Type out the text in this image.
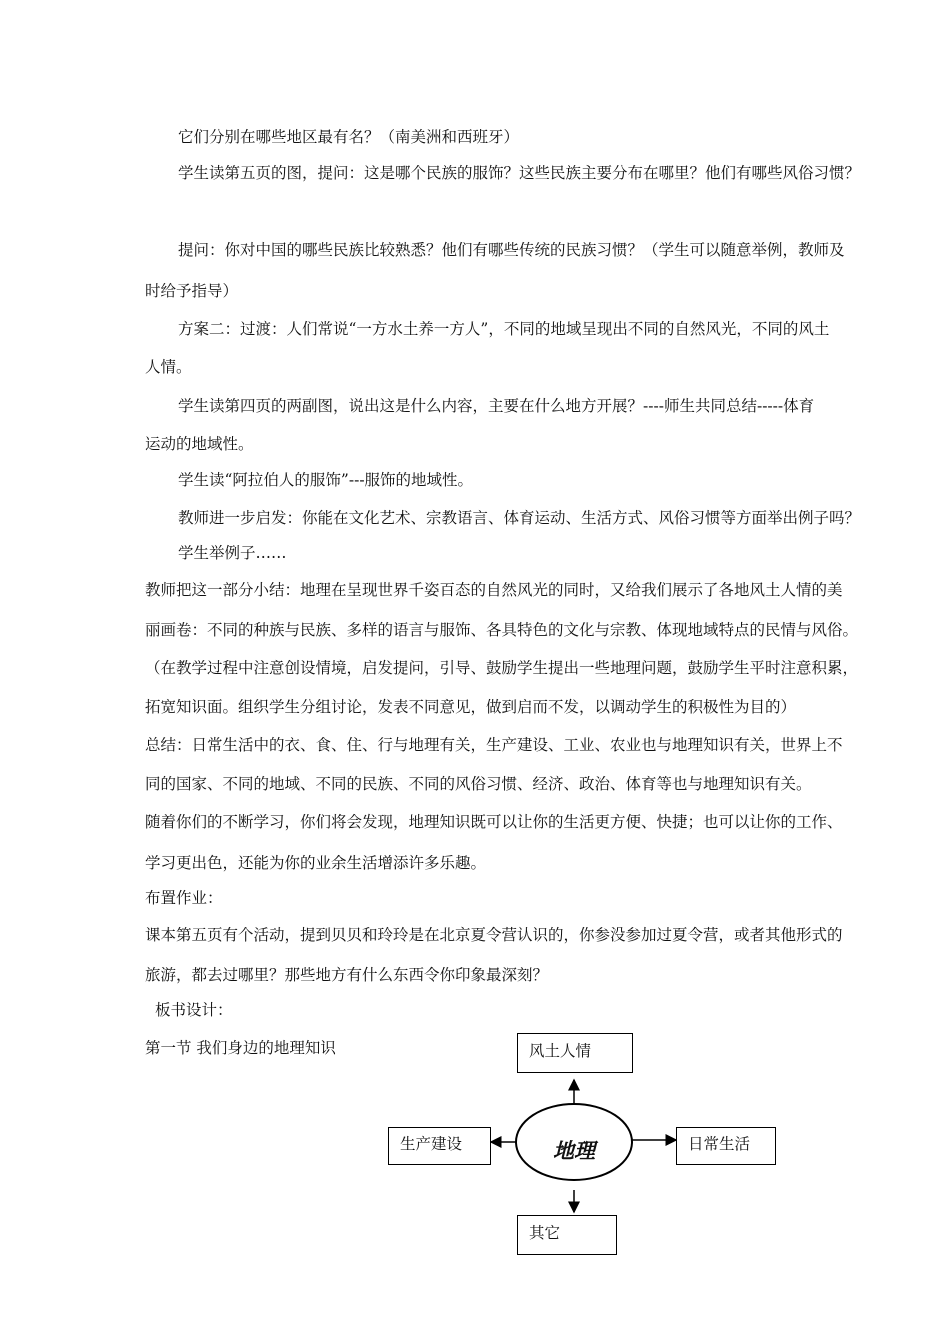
它们分别在哪些地区最有名？（南美洲和西班牙）
学生读第五页的图，提问：这是哪个民族的服饰？这些民族主要分布在哪里？他们有哪些风俗习惯？
提问：你对中国的哪些民族比较熟悉？他们有哪些传统的民族习惯？（学生可以随意举例，教师及
时给予指导）
方案二：过渡：人们常说“一方水土养一方人”，不同的地域呈现出不同的自然风光，不同的风土
人情。
学生读第四页的两副图，说出这是什么内容，主要在什么地方开展？----师生共同总结-----体育
运动的地域性。
学生读“阿拉伯人的服饰”---服饰的地域性。
教师进一步启发：你能在文化艺术、宗教语言、体育运动、生活方式、风俗习惯等方面举出例子吗？
学生举例子……
教师把这一部分小结：地理在呈现世界千姿百态的自然风光的同时，又给我们展示了各地风土人情的美
丽画卷：不同的种族与民族、多样的语言与服饰、各具特色的文化与宗教、体现地域特点的民情与风俗。
（在教学过程中注意创设情境，启发提问，引导、鼓励学生提出一些地理问题，鼓励学生平时注意积累，
拓宽知识面。组织学生分组讨论，发表不同意见，做到启而不发，以调动学生的积极性为目的）
总结：日常生活中的衣、食、住、行与地理有关，生产建设、工业、农业也与地理知识有关，世界上不
同的国家、不同的地域、不同的民族、不同的风俗习惯、经济、政治、体育等也与地理知识有关。
随着你们的不断学习，你们将会发现，地理知识既可以让你的生活更方便、快捷；也可以让你的工作、
学习更出色，还能为你的业余生活增添许多乐趣。
布置作业：
课本第五页有个活动，提到贝贝和玲玲是在北京夏令营认识的，你参没参加过夏令营，或者其他形式的
旅游，都去过哪里？那些地方有什么东西令你印象最深刻？
板书设计：
第一节 我们身边的地理知识
地理
风土人情
生产建设	日常生活
其它
